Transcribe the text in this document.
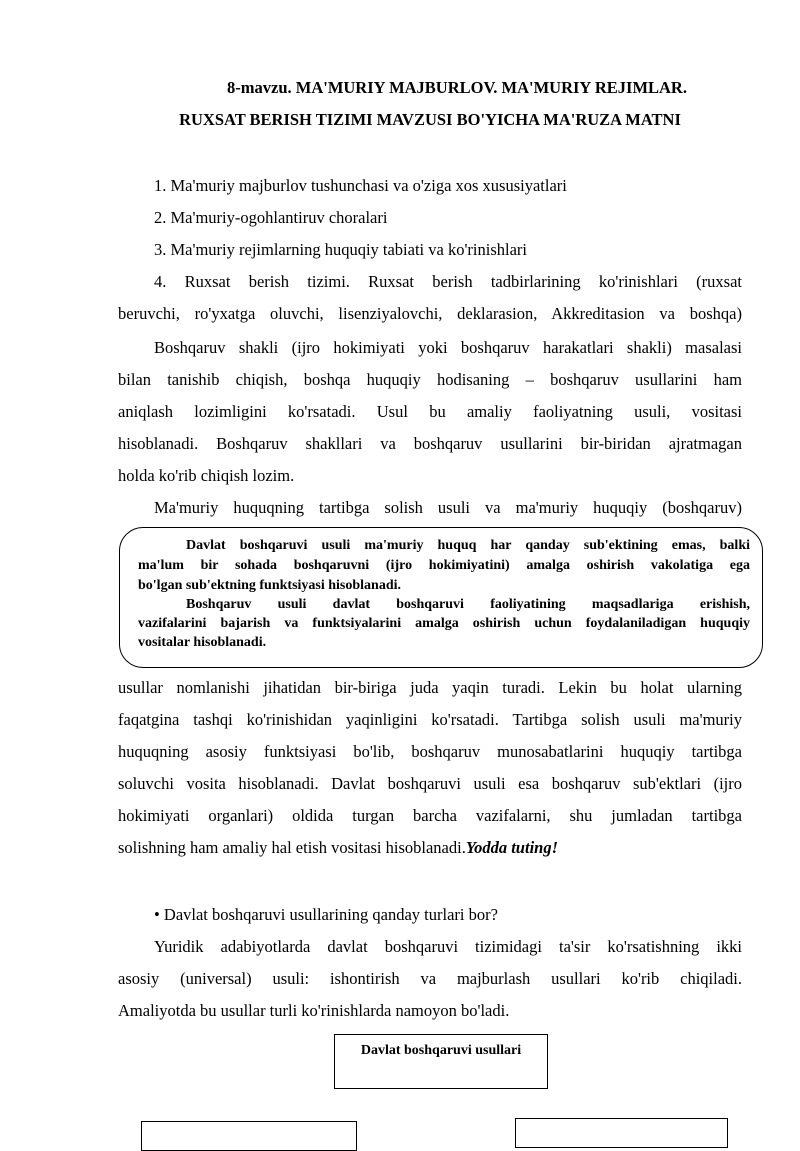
8-mavzu. MA'MURIY MAJBURLOV. MA'MURIY REJIMLAR.
RUXSAT BERISH TIZIMI MAVZUSI BO'YICHA MA'RUZA MATNI
1. Ma'muriy majburlov tushunchasi va o'ziga xos xususiyatlari
2. Ma'muriy-ogohlantiruv choralari
3. Ma'muriy rejimlarning huquqiy tabiati va ko'rinishlari
4. Ruxsat berish tizimi. Ruxsat berish tadbirlarining ko'rinishlari (ruxsat
beruvchi, ro'yxatga oluvchi, lisenziyalovchi, deklarasion, Akkreditasion va boshqa)
Boshqaruv shakli (ijro hokimiyati yoki boshqaruv harakatlari shakli) masalasi
bilan tanishib chiqish, boshqa huquqiy hodisaning – boshqaruv usullarini ham
aniqlash lozimligini ko'rsatadi. Usul bu amaliy faoliyatning usuli, vositasi
hisoblanadi. Boshqaruv shakllari va boshqaruv usullarini bir-biridan ajratmagan
holda ko'rib chiqish lozim.
Ma'muriy huquqning tartibga solish usuli va ma'muriy huquqiy (boshqaruv)
Davlat boshqaruvi usuli ma'muriy huquq har qanday sub'ektining emas, balki
ma'lum bir sohada boshqaruvni (ijro hokimiyatini) amalga oshirish vakolatiga ega
bo'lgan sub'ektning funktsiyasi hisoblanadi.
Boshqaruv usuli davlat boshqaruvi faoliyatining maqsadlariga erishish,
vazifalarini bajarish va funktsiyalarini amalga oshirish uchun foydalaniladigan huquqiy
vositalar hisoblanadi.
usullar nomlanishi jihatidan bir-biriga juda yaqin turadi. Lekin bu holat ularning
faqatgina tashqi ko'rinishidan yaqinligini ko'rsatadi. Tartibga solish usuli ma'muriy
huquqning asosiy funktsiyasi bo'lib, boshqaruv munosabatlarini huquqiy tartibga
soluvchi vosita hisoblanadi. Davlat boshqaruvi usuli esa boshqaruv sub'ektlari (ijro
hokimiyati organlari) oldida turgan barcha vazifalarni, shu jumladan tartibga
solishning ham amaliy hal etish vositasi hisoblanadi.Yodda tuting!
• Davlat boshqaruvi usullarining qanday turlari bor?
Yuridik adabiyotlarda davlat boshqaruvi tizimidagi ta'sir ko'rsatishning ikki
asosiy (universal) usuli: ishontirish va majburlash usullari ko'rib chiqiladi.
Amaliyotda bu usullar turli ko'rinishlarda namoyon bo'ladi.
Davlat boshqaruvi usullari
